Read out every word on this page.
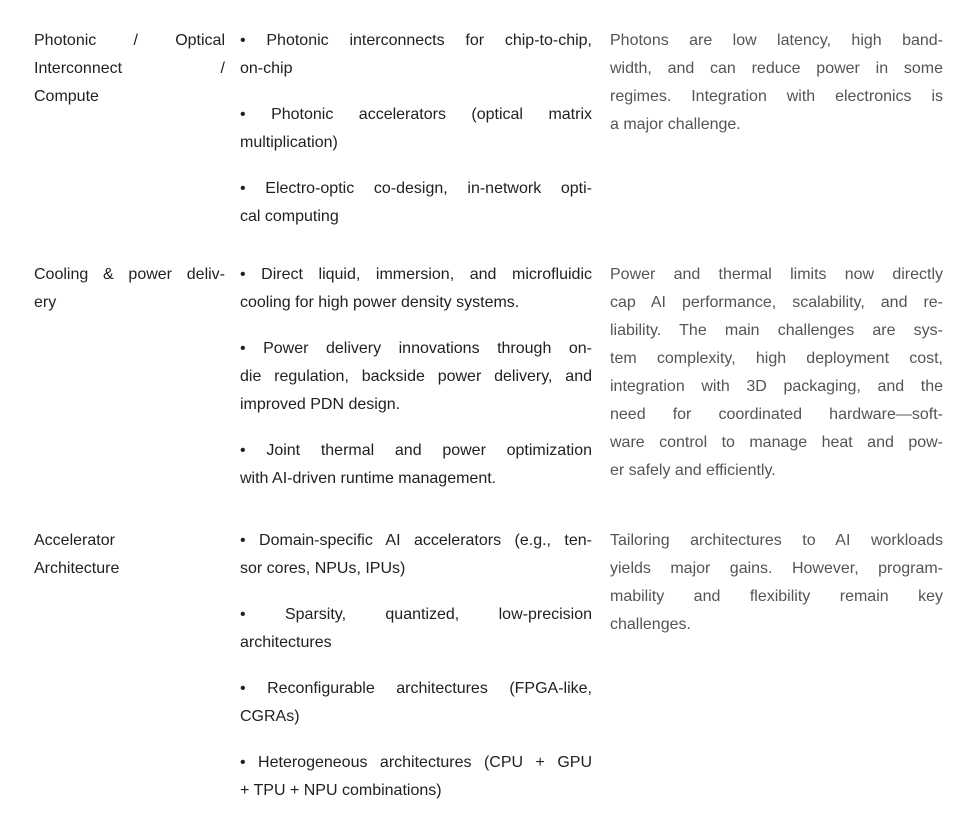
Photonic / Optical
Interconnect /
Compute
• Photonic interconnects for chip-to-chip,
on-chip
• Photonic accelerators (optical matrix
multiplication)
• Electro-optic co-design, in-network opti-
cal computing
Photons are low latency, high band-
width, and can reduce power in some
regimes. Integration with electronics is
a major challenge.
Cooling & power deliv-
ery
• Direct liquid, immersion, and microfluidic
cooling for high power density systems.
• Power delivery innovations through on-
die regulation, backside power delivery, and
improved PDN design.
• Joint thermal and power optimization
with AI-driven runtime management.
Power and thermal limits now directly
cap AI performance, scalability, and re-
liability. The main challenges are sys-
tem complexity, high deployment cost,
integration with 3D packaging, and the
need for coordinated hardware—soft-
ware control to manage heat and pow-
er safely and efficiently.
Accelerator
Architecture
• Domain-specific AI accelerators (e.g., ten-
sor cores, NPUs, IPUs)
• Sparsity, quantized, low-precision
architectures
• Reconfigurable architectures (FPGA-like,
CGRAs)
• Heterogeneous architectures (CPU + GPU
+ TPU + NPU combinations)
Tailoring architectures to AI workloads
yields major gains. However, program-
mability and flexibility remain key
challenges.
